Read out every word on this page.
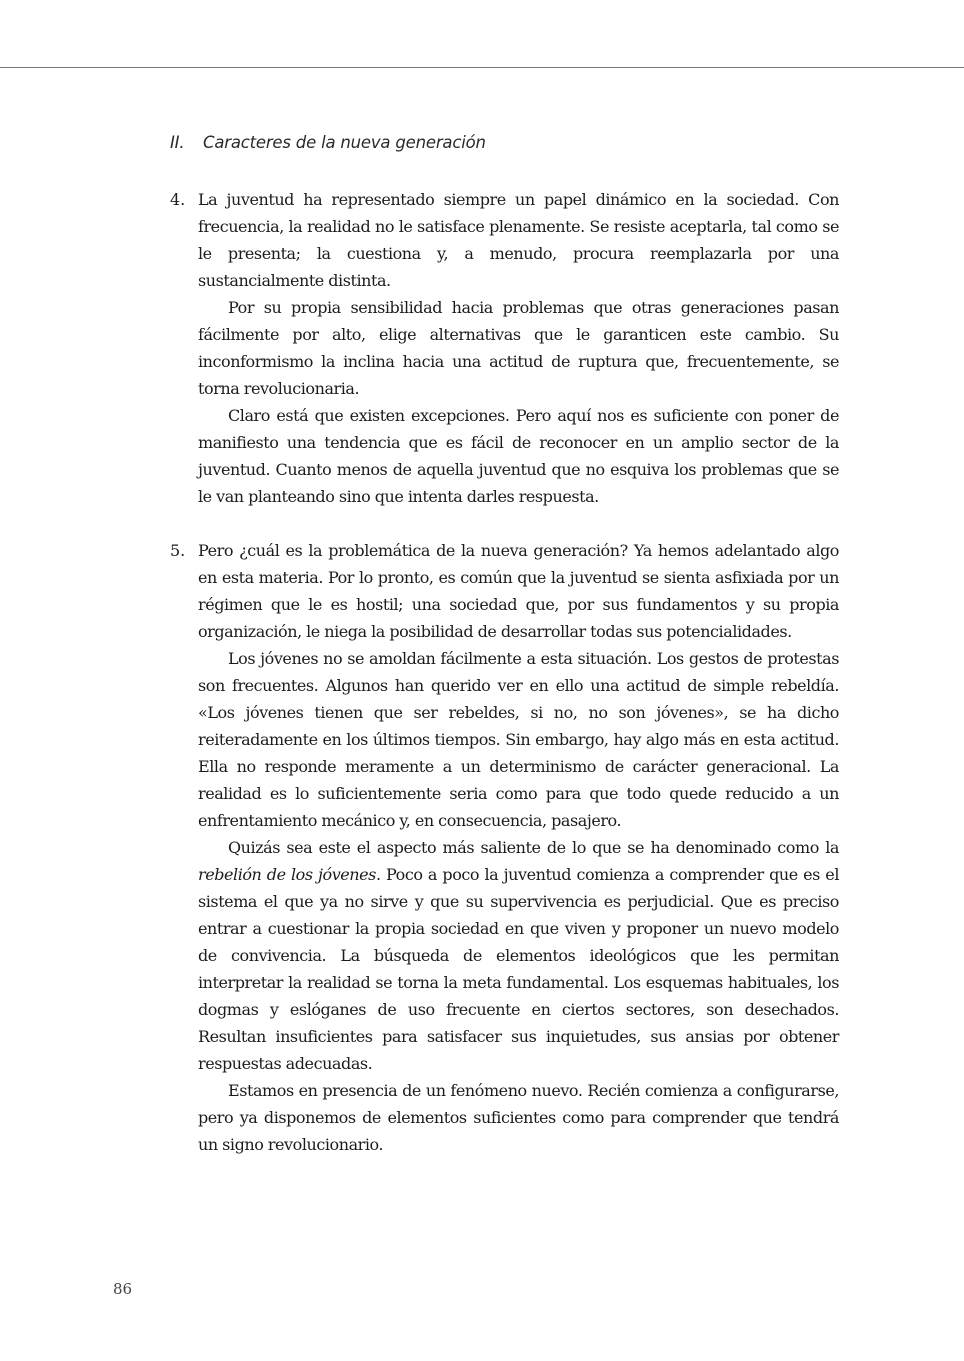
II. Caracteres de la nueva generación
4. La juventud ha representado siempre un papel dinámico en la sociedad. Con frecuencia, la realidad no le satisface plenamente. Se resiste aceptarla, tal como se le presenta; la cuestiona y, a menudo, procura reemplazarla por una sustancialmente distinta.

Por su propia sensibilidad hacia problemas que otras generaciones pasan fácilmente por alto, elige alternativas que le garanticen este cambio. Su inconformismo la inclina hacia una actitud de ruptura que, frecuentemente, se torna revolucionaria.

Claro está que existen excepciones. Pero aquí nos es suficiente con poner de manifiesto una tendencia que es fácil de reconocer en un amplio sector de la juventud. Cuanto menos de aquella juventud que no esquiva los problemas que se le van planteando sino que intenta darles respuesta.

5. Pero ¿cuál es la problemática de la nueva generación? Ya hemos adelantado algo en esta materia. Por lo pronto, es común que la juventud se sienta asfixiada por un régimen que le es hostil; una sociedad que, por sus fundamentos y su propia organización, le niega la posibilidad de desarrollar todas sus potencialidades.

Los jóvenes no se amoldan fácilmente a esta situación. Los gestos de protestas son frecuentes. Algunos han querido ver en ello una actitud de simple rebeldía. «Los jóvenes tienen que ser rebeldes, si no, no son jóvenes», se ha dicho reiteradamente en los últimos tiempos. Sin embargo, hay algo más en esta actitud. Ella no responde meramente a un determinismo de carácter generacional. La realidad es lo suficientemente seria como para que todo quede reducido a un enfrentamiento mecánico y, en consecuencia, pasajero.

Quizás sea este el aspecto más saliente de lo que se ha denominado como la rebelión de los jóvenes. Poco a poco la juventud comienza a comprender que es el sistema el que ya no sirve y que su supervivencia es perjudicial. Que es preciso entrar a cuestionar la propia sociedad en que viven y proponer un nuevo modelo de convivencia. La búsqueda de elementos ideológicos que les permitan interpretar la realidad se torna la meta fundamental. Los esquemas habituales, los dogmas y eslóganes de uso frecuente en ciertos sectores, son desechados. Resultan insuficientes para satisfacer sus inquietudes, sus ansias por obtener respuestas adecuadas.

Estamos en presencia de un fenómeno nuevo. Recién comienza a configurarse, pero ya disponemos de elementos suficientes como para comprender que tendrá un signo revolucionario.

86
